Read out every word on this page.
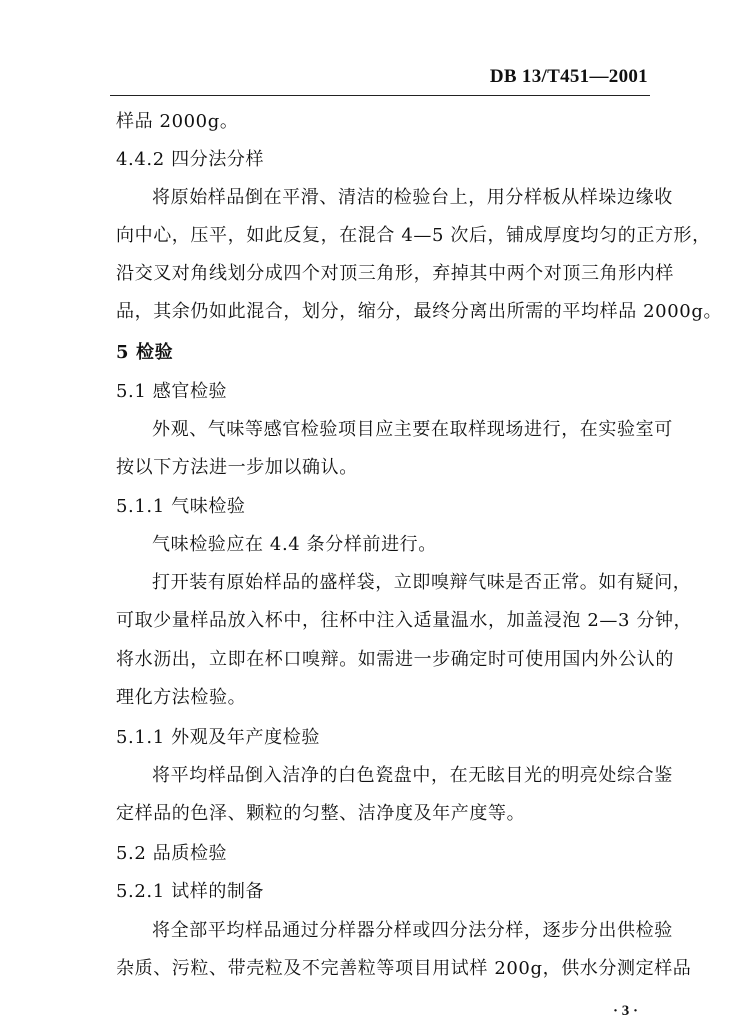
DB 13/T451—2001
样品 2000g。
4.4.2 四分法分样
将原始样品倒在平滑、清洁的检验台上，用分样板从样垛边缘收
向中心，压平，如此反复，在混合 4—5 次后，铺成厚度均匀的正方形，
沿交叉对角线划分成四个对顶三角形，弃掉其中两个对顶三角形内样
品，其余仍如此混合，划分，缩分，最终分离出所需的平均样品 2000g。
5 检验
5.1 感官检验
外观、气味等感官检验项目应主要在取样现场进行，在实验室可
按以下方法进一步加以确认。
5.1.1 气味检验
气味检验应在 4.4 条分样前进行。
打开装有原始样品的盛样袋，立即嗅辩气味是否正常。如有疑问，
可取少量样品放入杯中，往杯中注入适量温水，加盖浸泡 2—3 分钟，
将水沥出，立即在杯口嗅辩。如需进一步确定时可使用国内外公认的
理化方法检验。
5.1.1 外观及年产度检验
将平均样品倒入洁净的白色瓷盘中，在无眩目光的明亮处综合鉴
定样品的色泽、颗粒的匀整、洁净度及年产度等。
5.2 品质检验
5.2.1 试样的制备
将全部平均样品通过分样器分样或四分法分样，逐步分出供检验
杂质、污粒、带壳粒及不完善粒等项目用试样 200g，供水分测定样品
· 3 ·
